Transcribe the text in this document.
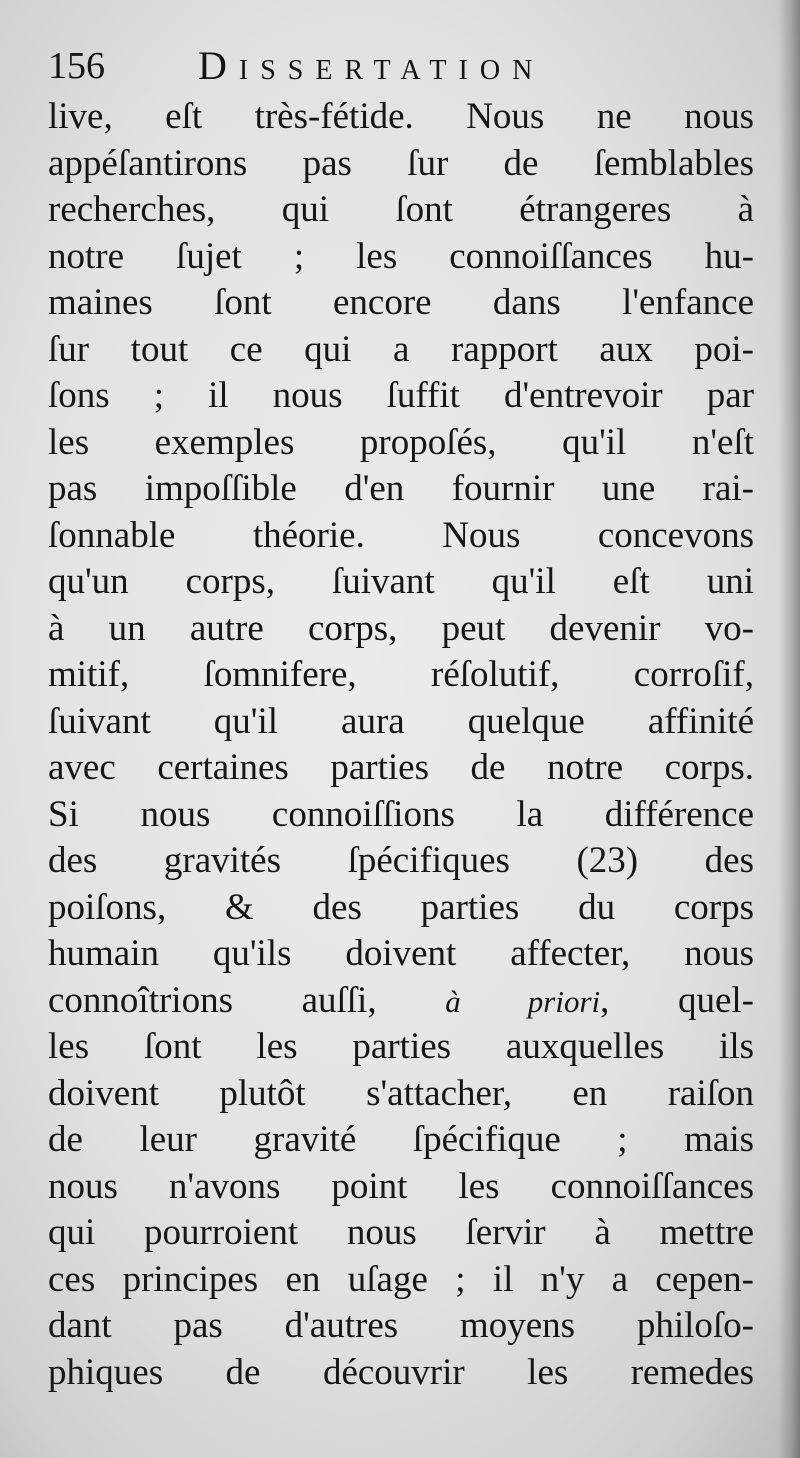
156 Dissertation
live, eſt très-fétide. Nous ne nous
appéſantirons pas ſur de ſemblables
recherches, qui ſont étrangeres à
notre ſujet ; les connoiſſances hu-
maines ſont encore dans l'enfance
ſur tout ce qui a rapport aux poi-
ſons ; il nous ſuffit d'entrevoir par
les exemples propoſés, qu'il n'eſt
pas impoſſible d'en fournir une rai-
ſonnable théorie. Nous concevons
qu'un corps, ſuivant qu'il eſt uni
à un autre corps, peut devenir vo-
mitif, ſomnifere, réſolutif, corroſif,
ſuivant qu'il aura quelque affinité
avec certaines parties de notre corps.
Si nous connoiſſions la différence
des gravités ſpécifiques (23) des
poiſons, & des parties du corps
humain qu'ils doivent affecter, nous
connoîtrions auſſi, à priori, quel-
les ſont les parties auxquelles ils
doivent plutôt s'attacher, en raiſon
de leur gravité ſpécifique ; mais
nous n'avons point les connoiſſances
qui pourroient nous ſervir à mettre
ces principes en uſage ; il n'y a cepen-
dant pas d'autres moyens philoſo-
phiques de découvrir les remedes
